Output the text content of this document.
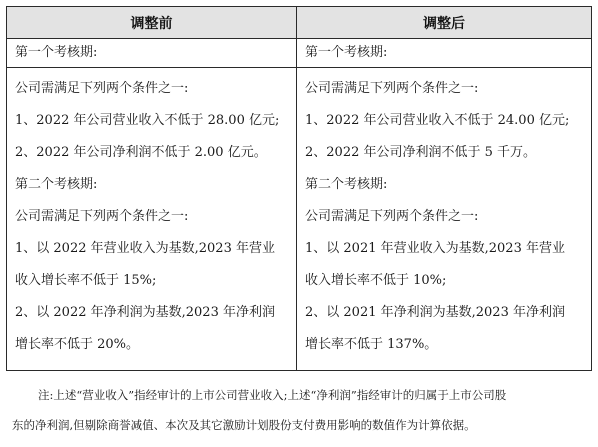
调整前	调整后
第一个考核期:	第一个考核期:
公司需满足下列两个条件之一:
1、2022 年公司营业收入不低于 28.00 亿元;
2、2022 年公司净利润不低于 2.00 亿元。
第二个考核期:
公司需满足下列两个条件之一:
1、以 2022 年营业收入为基数,2023 年营业
收入增长率不低于 15%;
2、以 2022 年净利润为基数,2023 年净利润
增长率不低于 20%。
公司需满足下列两个条件之一:
1、2022 年公司营业收入不低于 24.00 亿元;
2、2022 年公司净利润不低于 5 千万。
第二个考核期:
公司需满足下列两个条件之一:
1、以 2021 年营业收入为基数,2023 年营业
收入增长率不低于 10%;
2、以 2021 年净利润为基数,2023 年净利润
增长率不低于 137%。
注:上述“营业收入”指经审计的上市公司营业收入;上述“净利润”指经审计的归属于上市公司股
东的净利润,但剔除商誉减值、本次及其它激励计划股份支付费用影响的数值作为计算依据。
